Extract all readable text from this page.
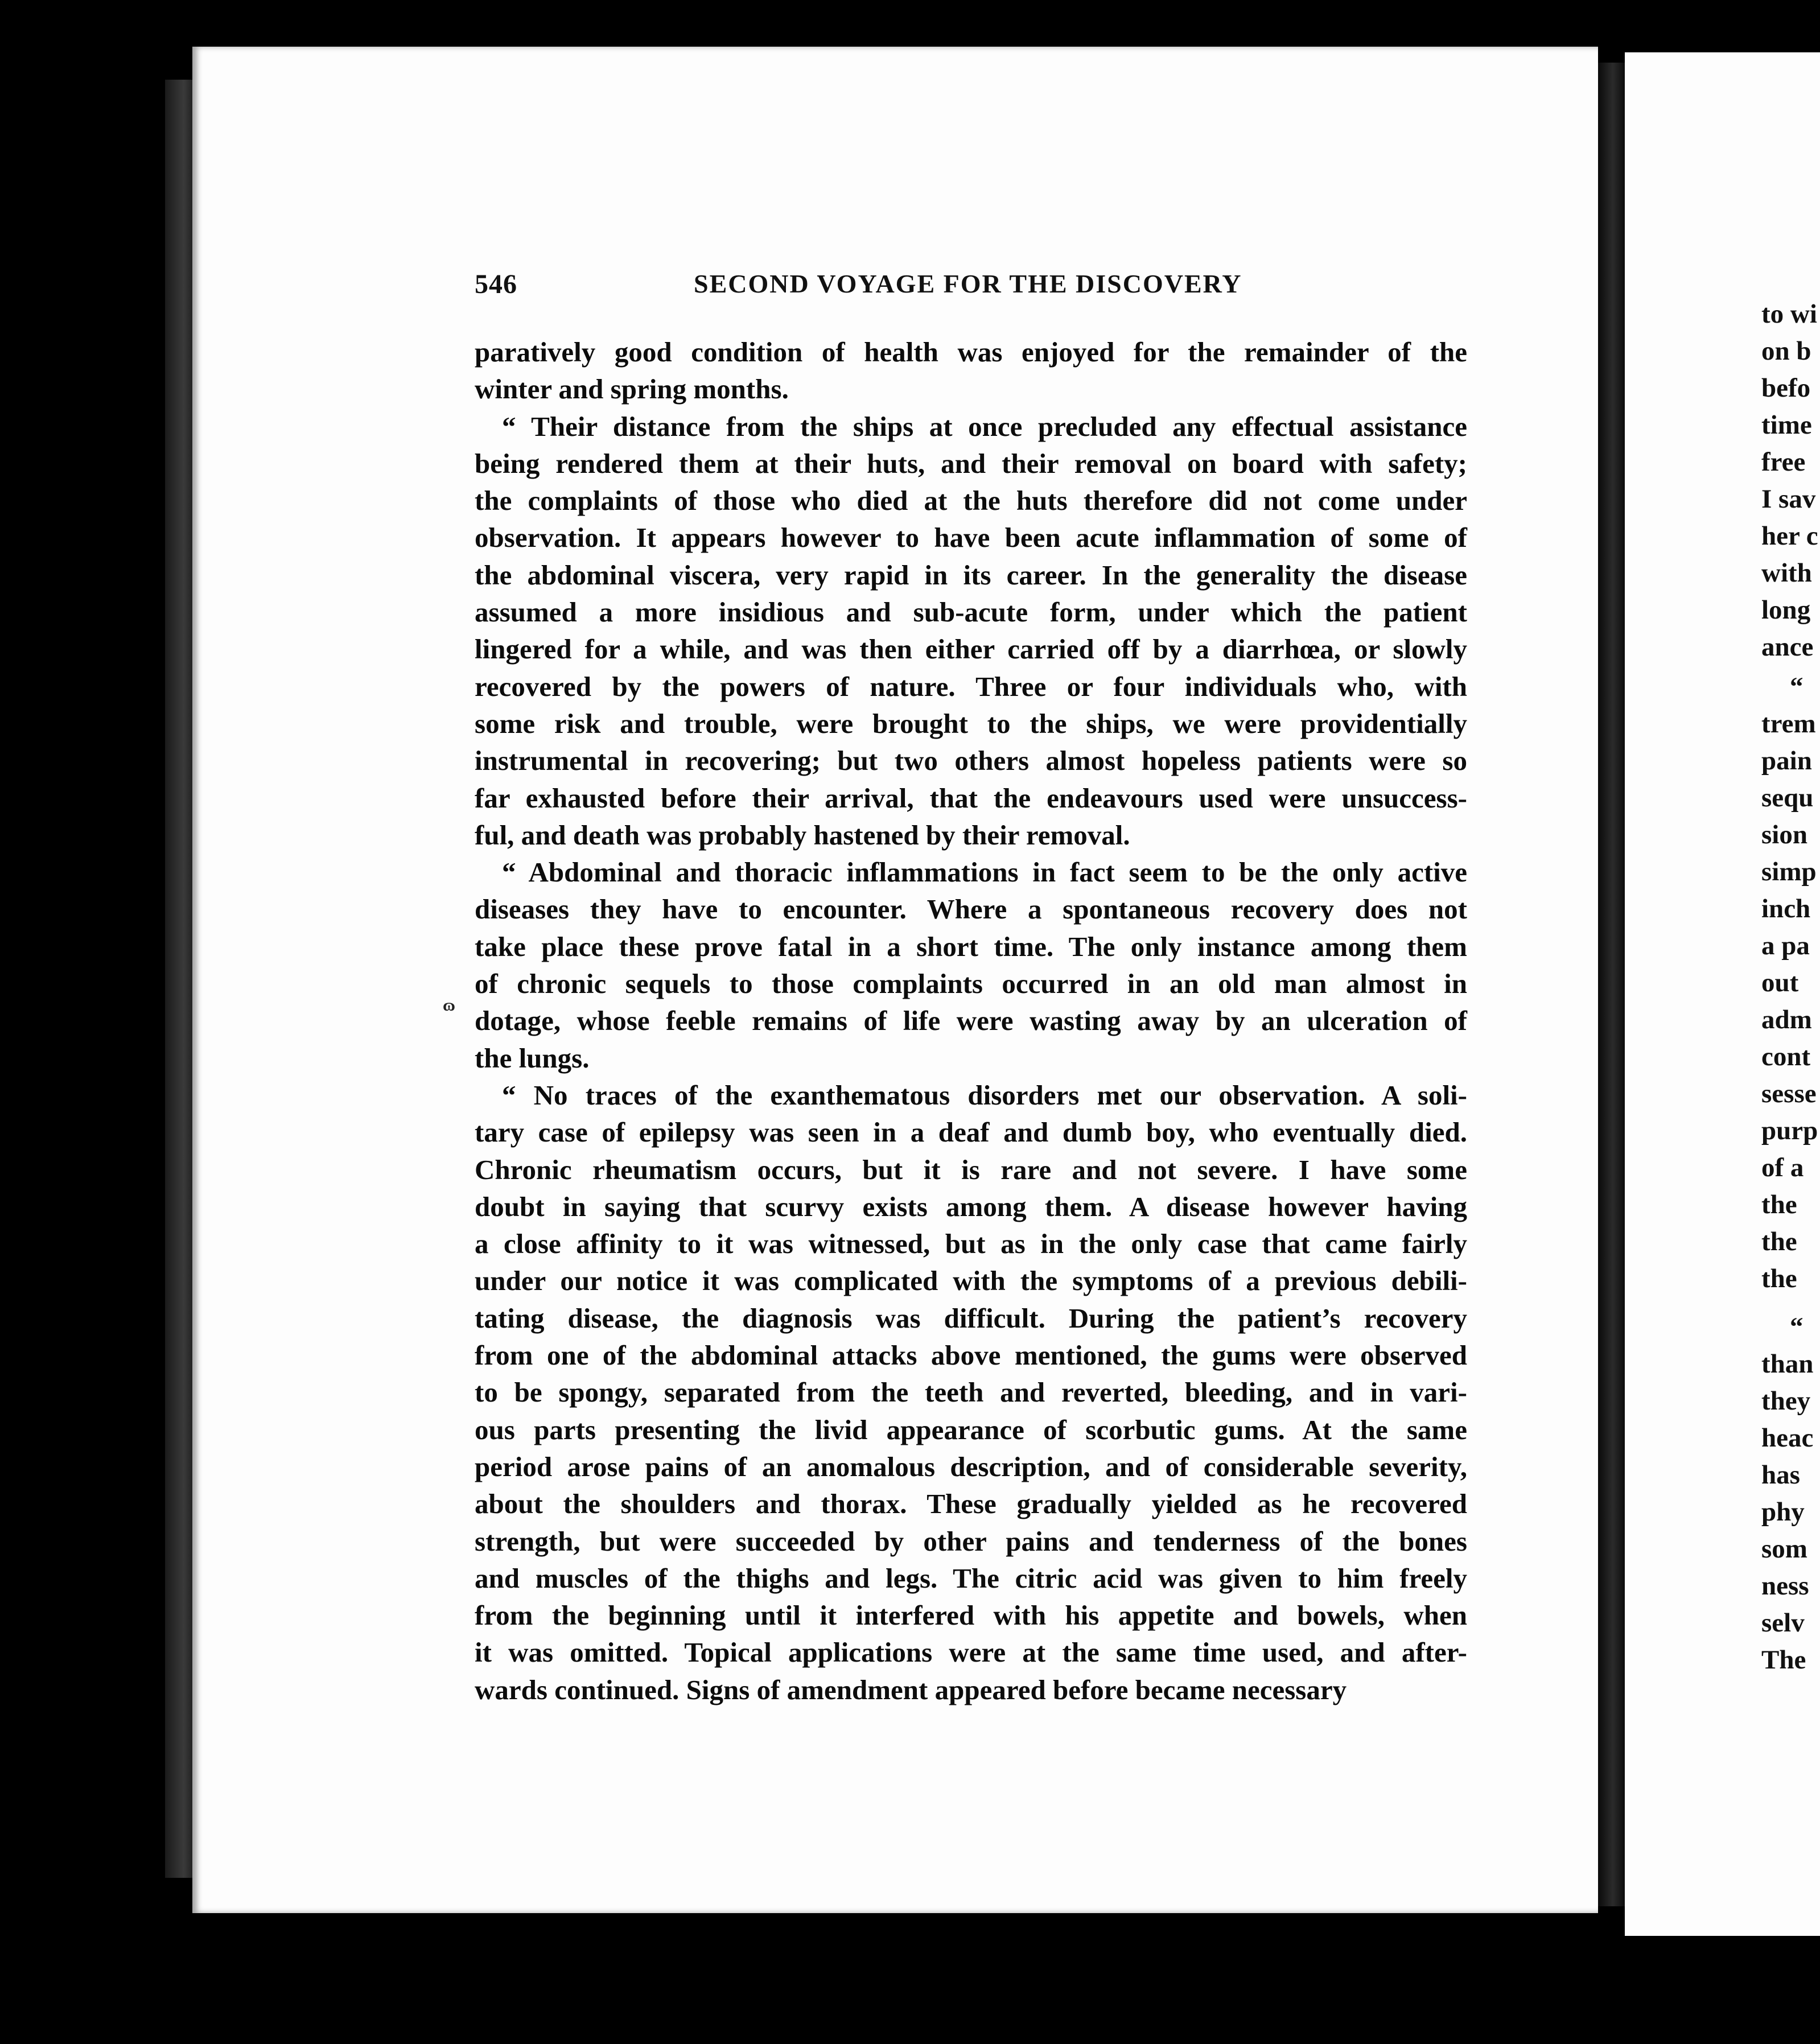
to wi
on b
befo
time
free
I sav
her c
with
long
ance
“
trem
pain
sequ
sion
simp
inch
a pa
out
adm
cont
sesse
purp
of a
the
the
the
“
than
they
heac
has
phy
som
ness
selv
The
546	SECOND VOYAGE FOR THE DISCOVERY
ɷ
paratively good condition of health was enjoyed for the remainder of the
winter and spring months.
“ Their distance from the ships at once precluded any effectual assistance
being rendered them at their huts, and their removal on board with safety;
the complaints of those who died at the huts therefore did not come under
observation. It appears however to have been acute inflammation of some of
the abdominal viscera, very rapid in its career. In the generality the disease
assumed a more insidious and sub-acute form, under which the patient
lingered for a while, and was then either carried off by a diarrhœa, or slowly
recovered by the powers of nature. Three or four individuals who, with
some risk and trouble, were brought to the ships, we were providentially
instrumental in recovering; but two others almost hopeless patients were so
far exhausted before their arrival, that the endeavours used were unsuccess-
ful, and death was probably hastened by their removal.
“ Abdominal and thoracic inflammations in fact seem to be the only active
diseases they have to encounter. Where a spontaneous recovery does not
take place these prove fatal in a short time. The only instance among them
of chronic sequels to those complaints occurred in an old man almost in
dotage, whose feeble remains of life were wasting away by an ulceration of
the lungs.
“ No traces of the exanthematous disorders met our observation. A soli-
tary case of epilepsy was seen in a deaf and dumb boy, who eventually died.
Chronic rheumatism occurs, but it is rare and not severe. I have some
doubt in saying that scurvy exists among them. A disease however having
a close affinity to it was witnessed, but as in the only case that came fairly
under our notice it was complicated with the symptoms of a previous debili-
tating disease, the diagnosis was difficult. During the patient’s recovery
from one of the abdominal attacks above mentioned, the gums were observed
to be spongy, separated from the teeth and reverted, bleeding, and in vari-
ous parts presenting the livid appearance of scorbutic gums. At the same
period arose pains of an anomalous description, and of considerable severity,
about the shoulders and thorax. These gradually yielded as he recovered
strength, but were succeeded by other pains and tenderness of the bones
and muscles of the thighs and legs. The citric acid was given to him freely
from the beginning until it interfered with his appetite and bowels, when
it was omitted. Topical applications were at the same time used, and after-
wards continued. Signs of amendment appeared before became necessary
